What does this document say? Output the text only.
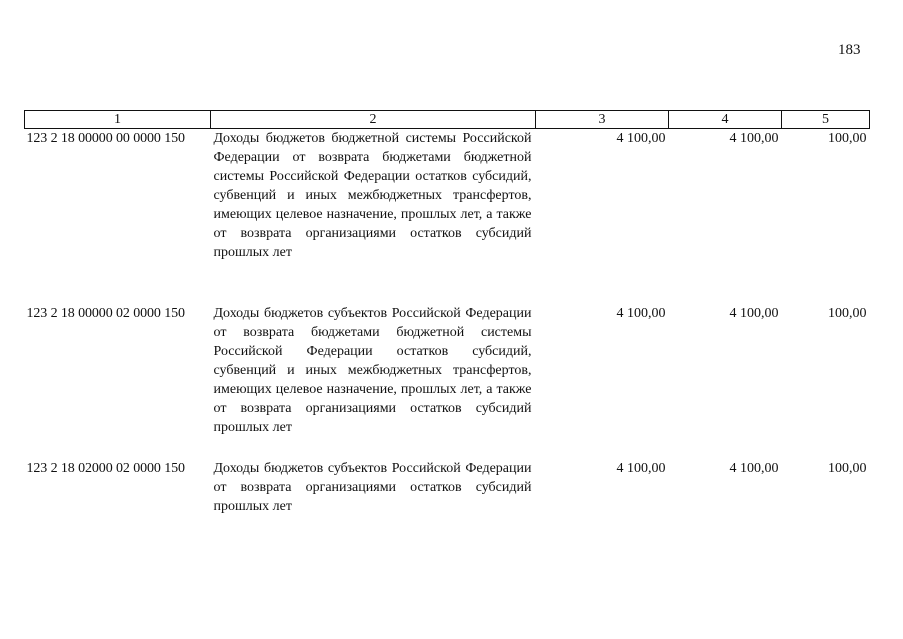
183
1	2	3	4	5
123 2 18 00000 00 0000 150	Доходы бюджетов бюджетной системы Российской Федерации от возврата бюджетами бюджетной системы Российской Федерации остатков субсидий, субвенций и иных межбюджетных трансфертов, имеющих целевое назначение, прошлых лет, а также от возврата организациями остатков субсидий прошлых лет	4 100,00	4 100,00	100,00
123 2 18 00000 02 0000 150	Доходы бюджетов субъектов Российской Федерации от возврата бюджетами бюджетной системы Российской Федерации остатков субсидий, субвенций и иных межбюджетных трансфертов, имеющих целевое назначение, прошлых лет, а также от возврата организациями остатков субсидий прошлых лет	4 100,00	4 100,00	100,00
123 2 18 02000 02 0000 150	Доходы бюджетов субъектов Российской Федерации от возврата организациями остатков субсидий прошлых лет	4 100,00	4 100,00	100,00
